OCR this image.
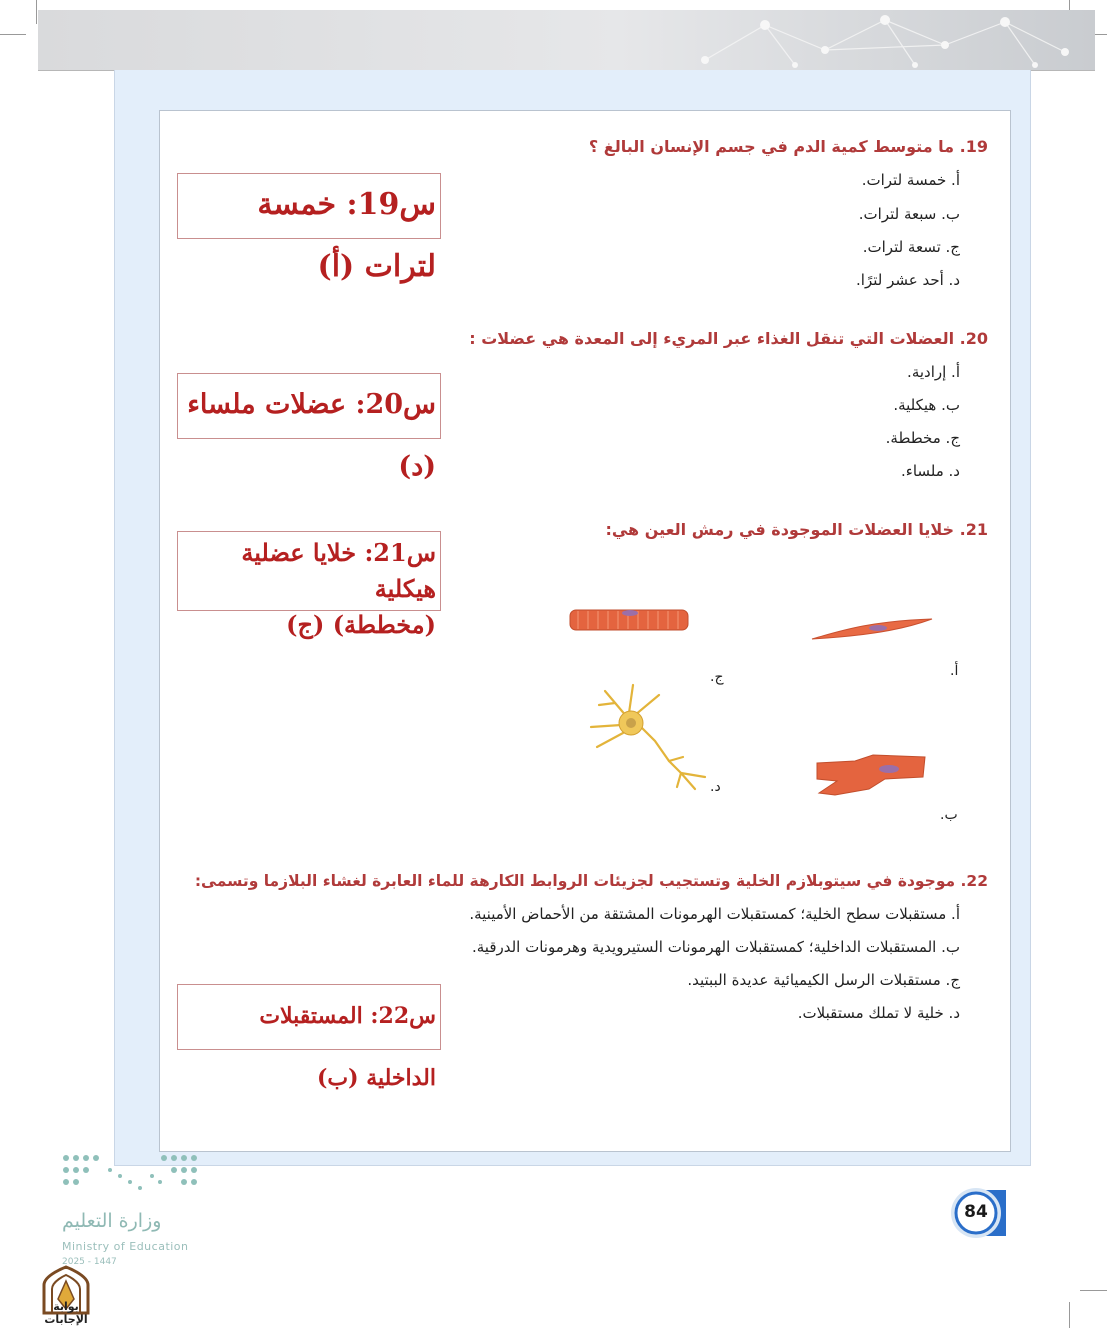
19. ما متوسط كمية الدم في جسم الإنسان البالغ ؟
أ. خمسة لترات.
ب. سبعة لترات.
ج. تسعة لترات.
د. أحد عشر لترًا.
س19: خمسة لترات (أ)
20. العضلات التي تنقل الغذاء عبر المريء إلى المعدة هي عضلات :
أ. إرادية.
ب. هيكلية.
ج. مخططة.
د. ملساء.
س20: عضلات ملساء (د)
21. خلايا العضلات الموجودة في رمش العين هي:
س21: خلايا عضلية هيكلية
(مخططة) (ج)
أ.
ج.
ب.
د.
22. موجودة في سيتوبلازم الخلية وتستجيب لجزيئات الروابط الكارهة للماء العابرة لغشاء البلازما وتسمى:
أ. مستقبلات سطح الخلية؛ كمستقبلات الهرمونات المشتقة من الأحماض الأمينية.
ب. المستقبلات الداخلية؛ كمستقبلات الهرمونات الستيرويدية وهرمونات الدرقية.
ج. مستقبلات الرسل الكيميائية عديدة الببتيد.
د. خلية لا تملك مستقبلات.
س22: المستقبلات الداخلية (ب)
وزارة التعليم
Ministry of Education
2025 - 1447
بوابة الإجابات
84
